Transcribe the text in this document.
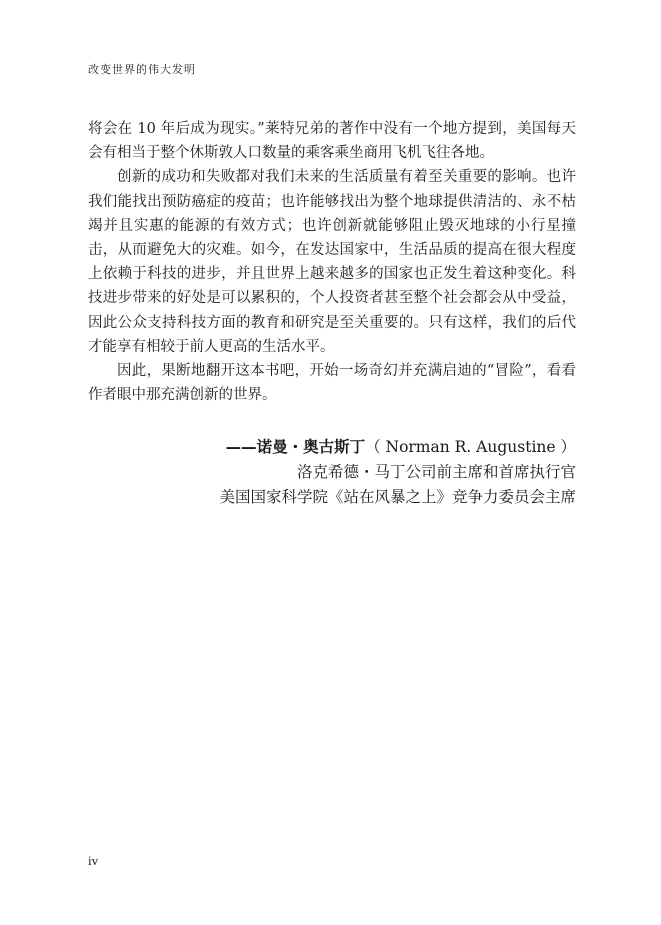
改变世界的伟大发明

将会在 10 年后成为现实。”莱特兄弟的著作中没有一个地方提到，美国每天会有相当于整个休斯敦人口数量的乘客乘坐商用飞机飞往各地。

创新的成功和失败都对我们未来的生活质量有着至关重要的影响。也许我们能找出预防癌症的疫苗；也许能够找出为整个地球提供清洁的、永不枯竭并且实惠的能源的有效方式；也许创新就能够阻止毁灭地球的小行星撞击，从而避免大的灾难。如今，在发达国家中，生活品质的提高在很大程度上依赖于科技的进步，并且世界上越来越多的国家也正发生着这种变化。科技进步带来的好处是可以累积的，个人投资者甚至整个社会都会从中受益，因此公众支持科技方面的教育和研究是至关重要的。只有这样，我们的后代才能享有相较于前人更高的生活水平。

因此，果断地翻开这本书吧，开始一场奇幻并充满启迪的“冒险”，看看作者眼中那充满创新的世界。

——诺曼・奥古斯丁（ Norman R. Augustine ）
洛克希德・马丁公司前主席和首席执行官
美国国家科学院《站在风暴之上》竞争力委员会主席
iv
